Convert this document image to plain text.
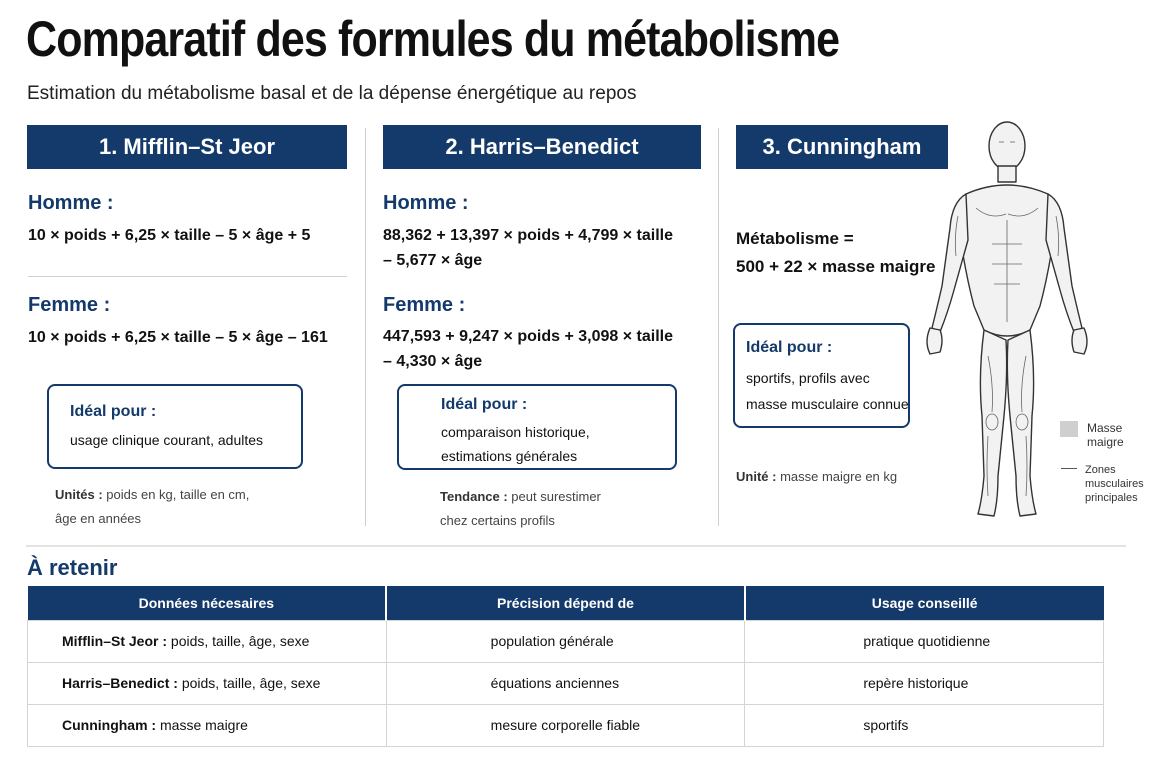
Comparatif des formules du métabolisme
Estimation du métabolisme basal et de la dépense énergétique au repos
1. Mifflin–St Jeor	2. Harris–Benedict	3. Cunningham
Homme :
10 × poids + 6,25 × taille – 5 × âge + 5
Femme :
10 × poids + 6,25 × taille – 5 × âge – 161
Idéal pour :
usage clinique courant, adultes
Unités : poids en kg, taille en cm,
âge en années
Homme :
88,362 + 13,397 × poids + 4,799 × taille
– 5,677 × âge
Femme :
447,593 + 9,247 × poids + 3,098 × taille
– 4,330 × âge
Idéal pour :
comparaison historique,
estimations générales
Tendance : peut surestimer
chez certains profils
Métabolisme =
500 + 22 × masse maigre
Idéal pour :
sportifs, profils avec
masse musculaire connue
Unité : masse maigre en kg
Masse
maigre
Zones
musculaires
principales
À retenir
Données nécesaires	Précision dépend de	Usage conseillé
Mifflin–St Jeor : poids, taille, âge, sexe	population générale	pratique quotidienne
Harris–Benedict : poids, taille, âge, sexe	équations anciennes	repère historique
Cunningham : masse maigre	mesure corporelle fiable	sportifs
